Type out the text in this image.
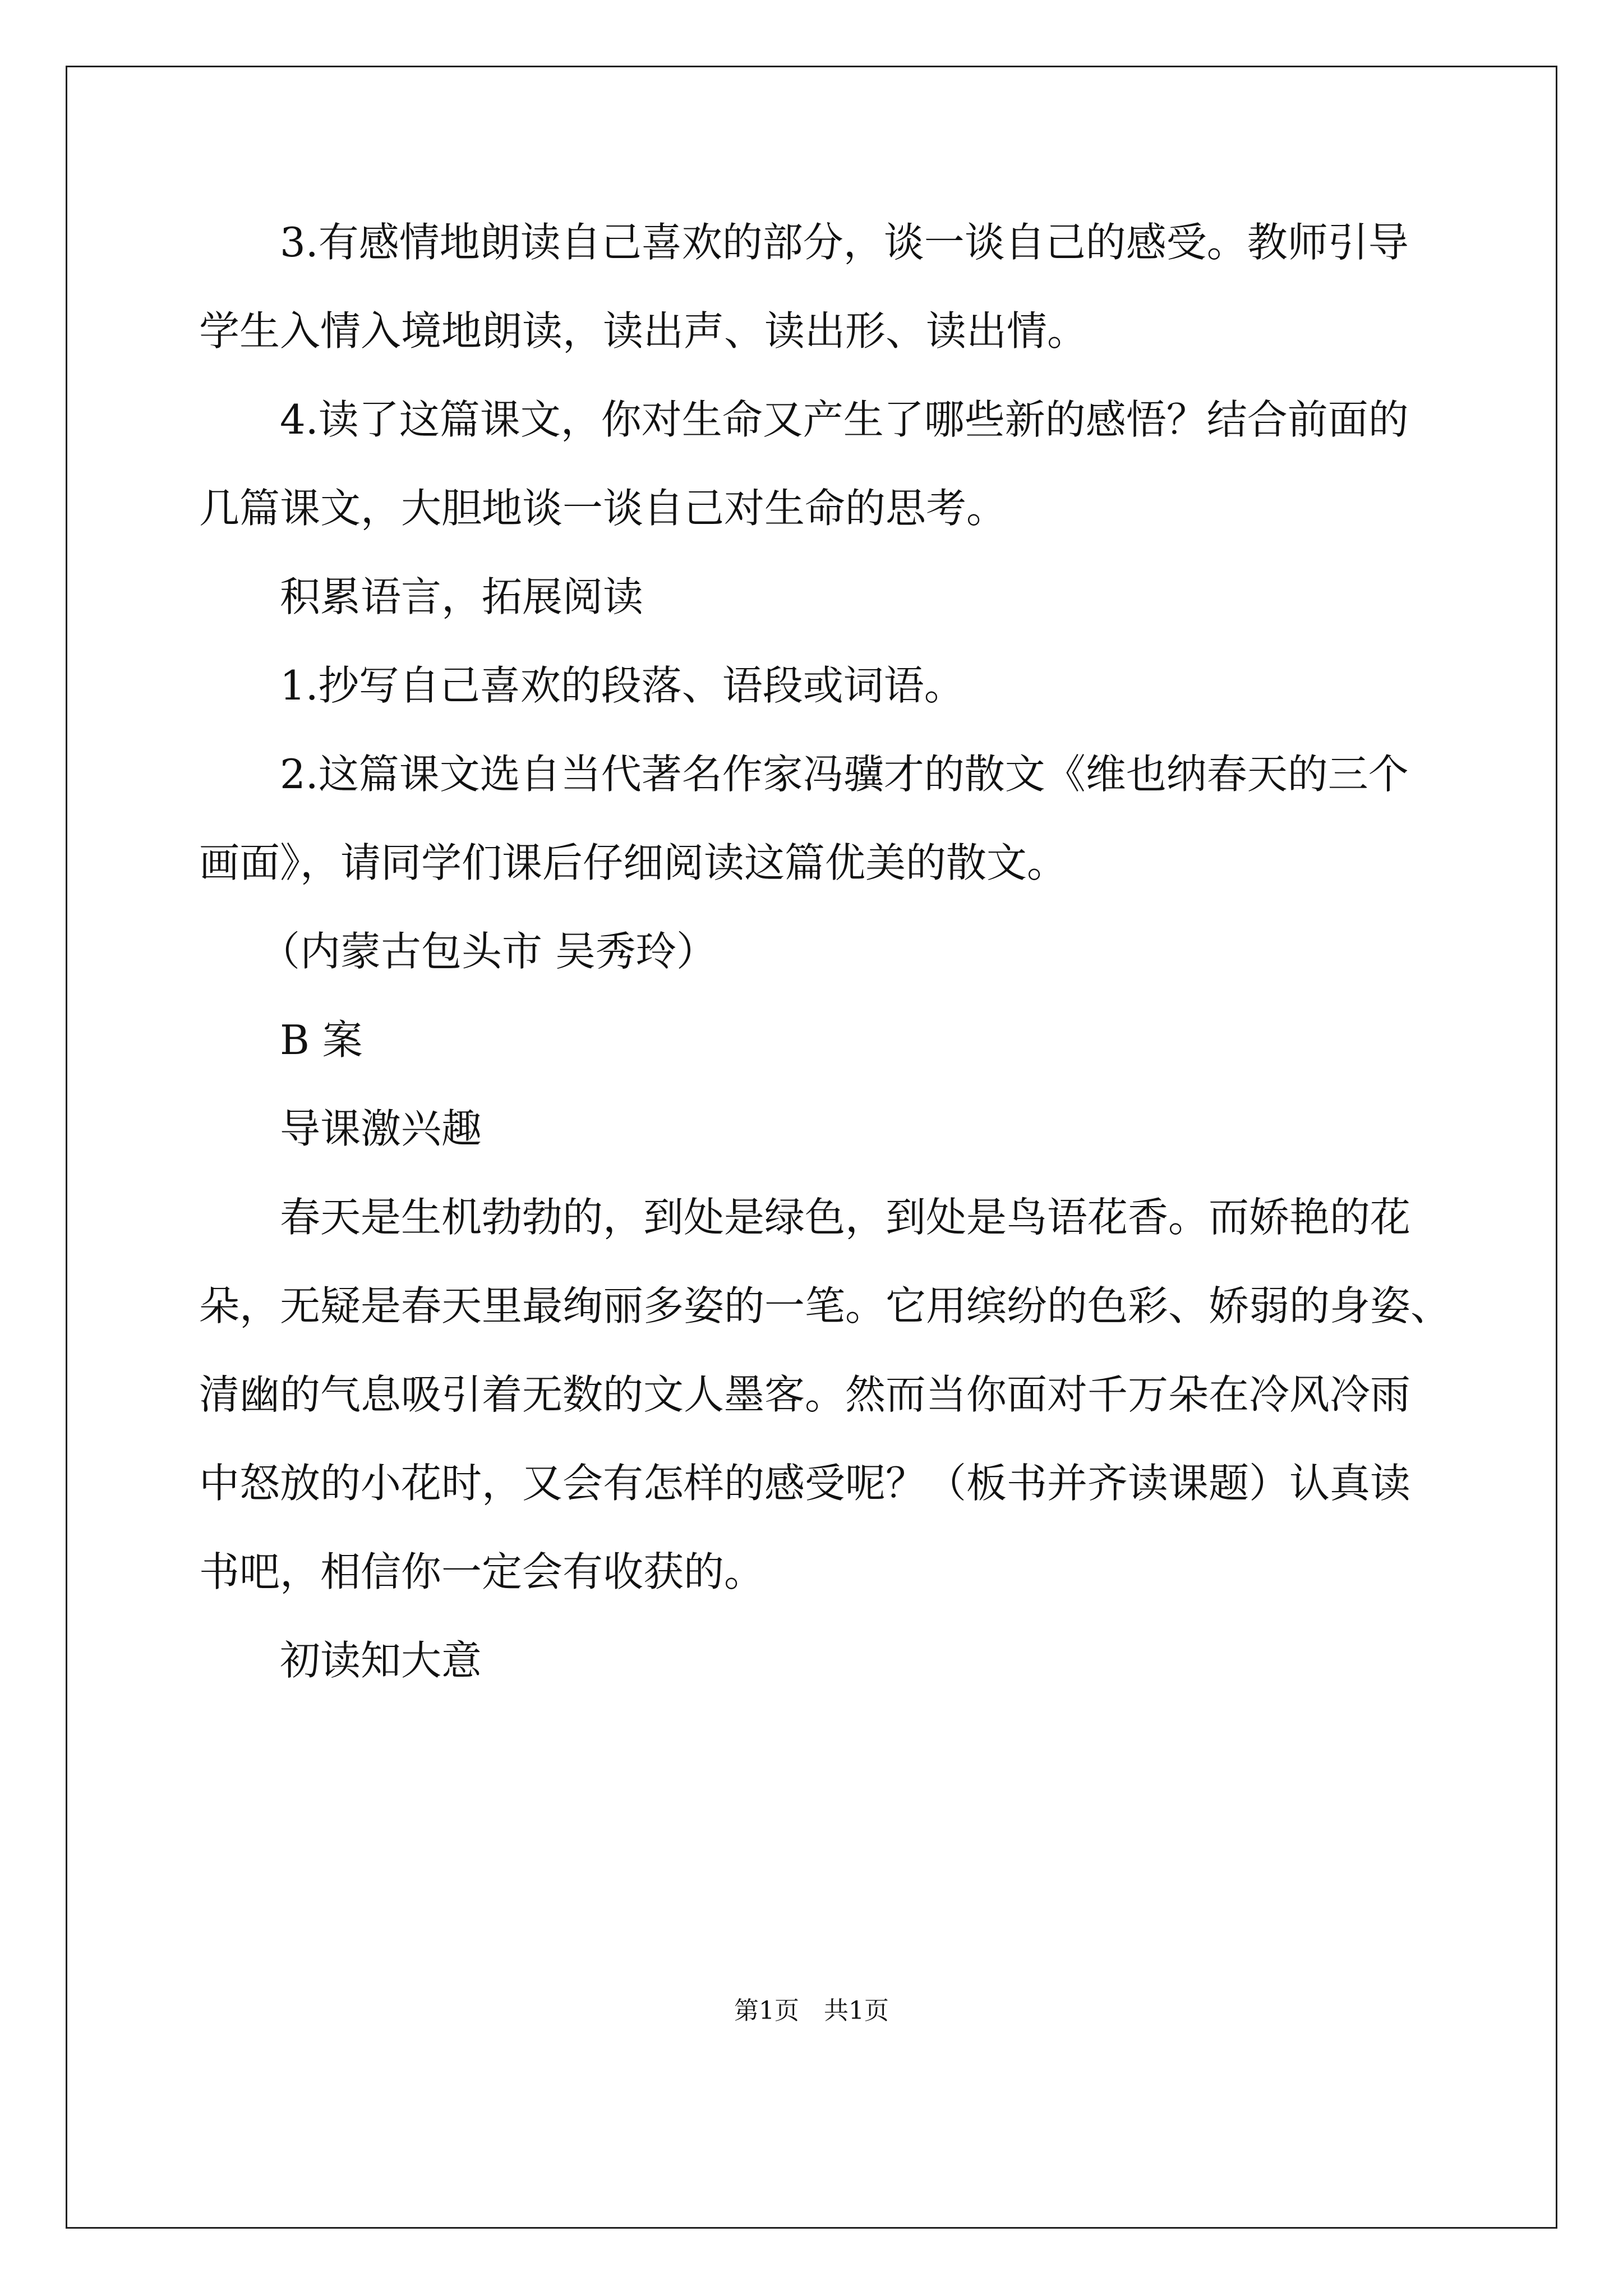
　　3.有感情地朗读自己喜欢的部分，谈一谈自己的感受。教师引导
学生入情入境地朗读，读出声、读出形、读出情。
　　4.读了这篇课文，你对生命又产生了哪些新的感悟？结合前面的
几篇课文，大胆地谈一谈自己对生命的思考。
　　积累语言，拓展阅读
　　1.抄写自己喜欢的段落、语段或词语。
　　2.这篇课文选自当代著名作家冯骥才的散文《维也纳春天的三个
画面》，请同学们课后仔细阅读这篇优美的散文。
　　（内蒙古包头市 吴秀玲）
　　B 案
　　导课激兴趣
　　春天是生机勃勃的，到处是绿色，到处是鸟语花香。而娇艳的花
朵，无疑是春天里最绚丽多姿的一笔。它用缤纷的色彩、娇弱的身姿、
清幽的气息吸引着无数的文人墨客。然而当你面对千万朵在冷风冷雨
中怒放的小花时，又会有怎样的感受呢？（板书并齐读课题）认真读
书吧，相信你一定会有收获的。
　　初读知大意
第1页　共1页
